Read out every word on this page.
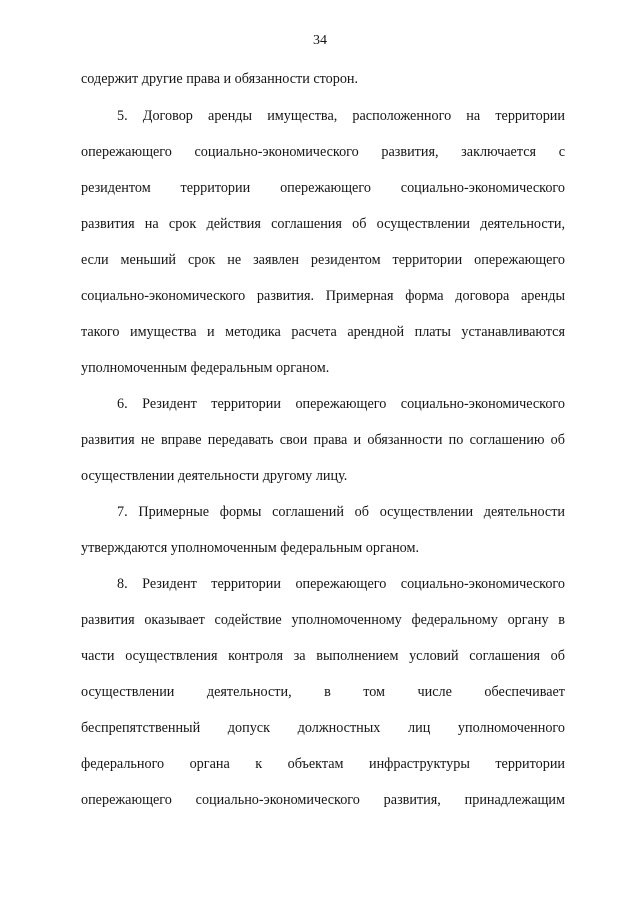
34
содержит другие права и обязанности сторон.
5. Договор аренды имущества, расположенного на территории
опережающего социально-экономического развития, заключается с
резидентом территории опережающего социально-экономического
развития на срок действия соглашения об осуществлении деятельности,
если меньший срок не заявлен резидентом территории опережающего
социально-экономического развития. Примерная форма договора аренды
такого имущества и методика расчета арендной платы устанавливаются
уполномоченным федеральным органом.
6. Резидент территории опережающего социально-экономического
развития не вправе передавать свои права и обязанности по соглашению об
осуществлении деятельности другому лицу.
7. Примерные формы соглашений об осуществлении деятельности
утверждаются уполномоченным федеральным органом.
8. Резидент территории опережающего социально-экономического
развития оказывает содействие уполномоченному федеральному органу в
части осуществления контроля за выполнением условий соглашения об
осуществлении деятельности, в том числе обеспечивает
беспрепятственный допуск должностных лиц уполномоченного
федерального органа к объектам инфраструктуры территории
опережающего социально-экономического развития, принадлежащим
